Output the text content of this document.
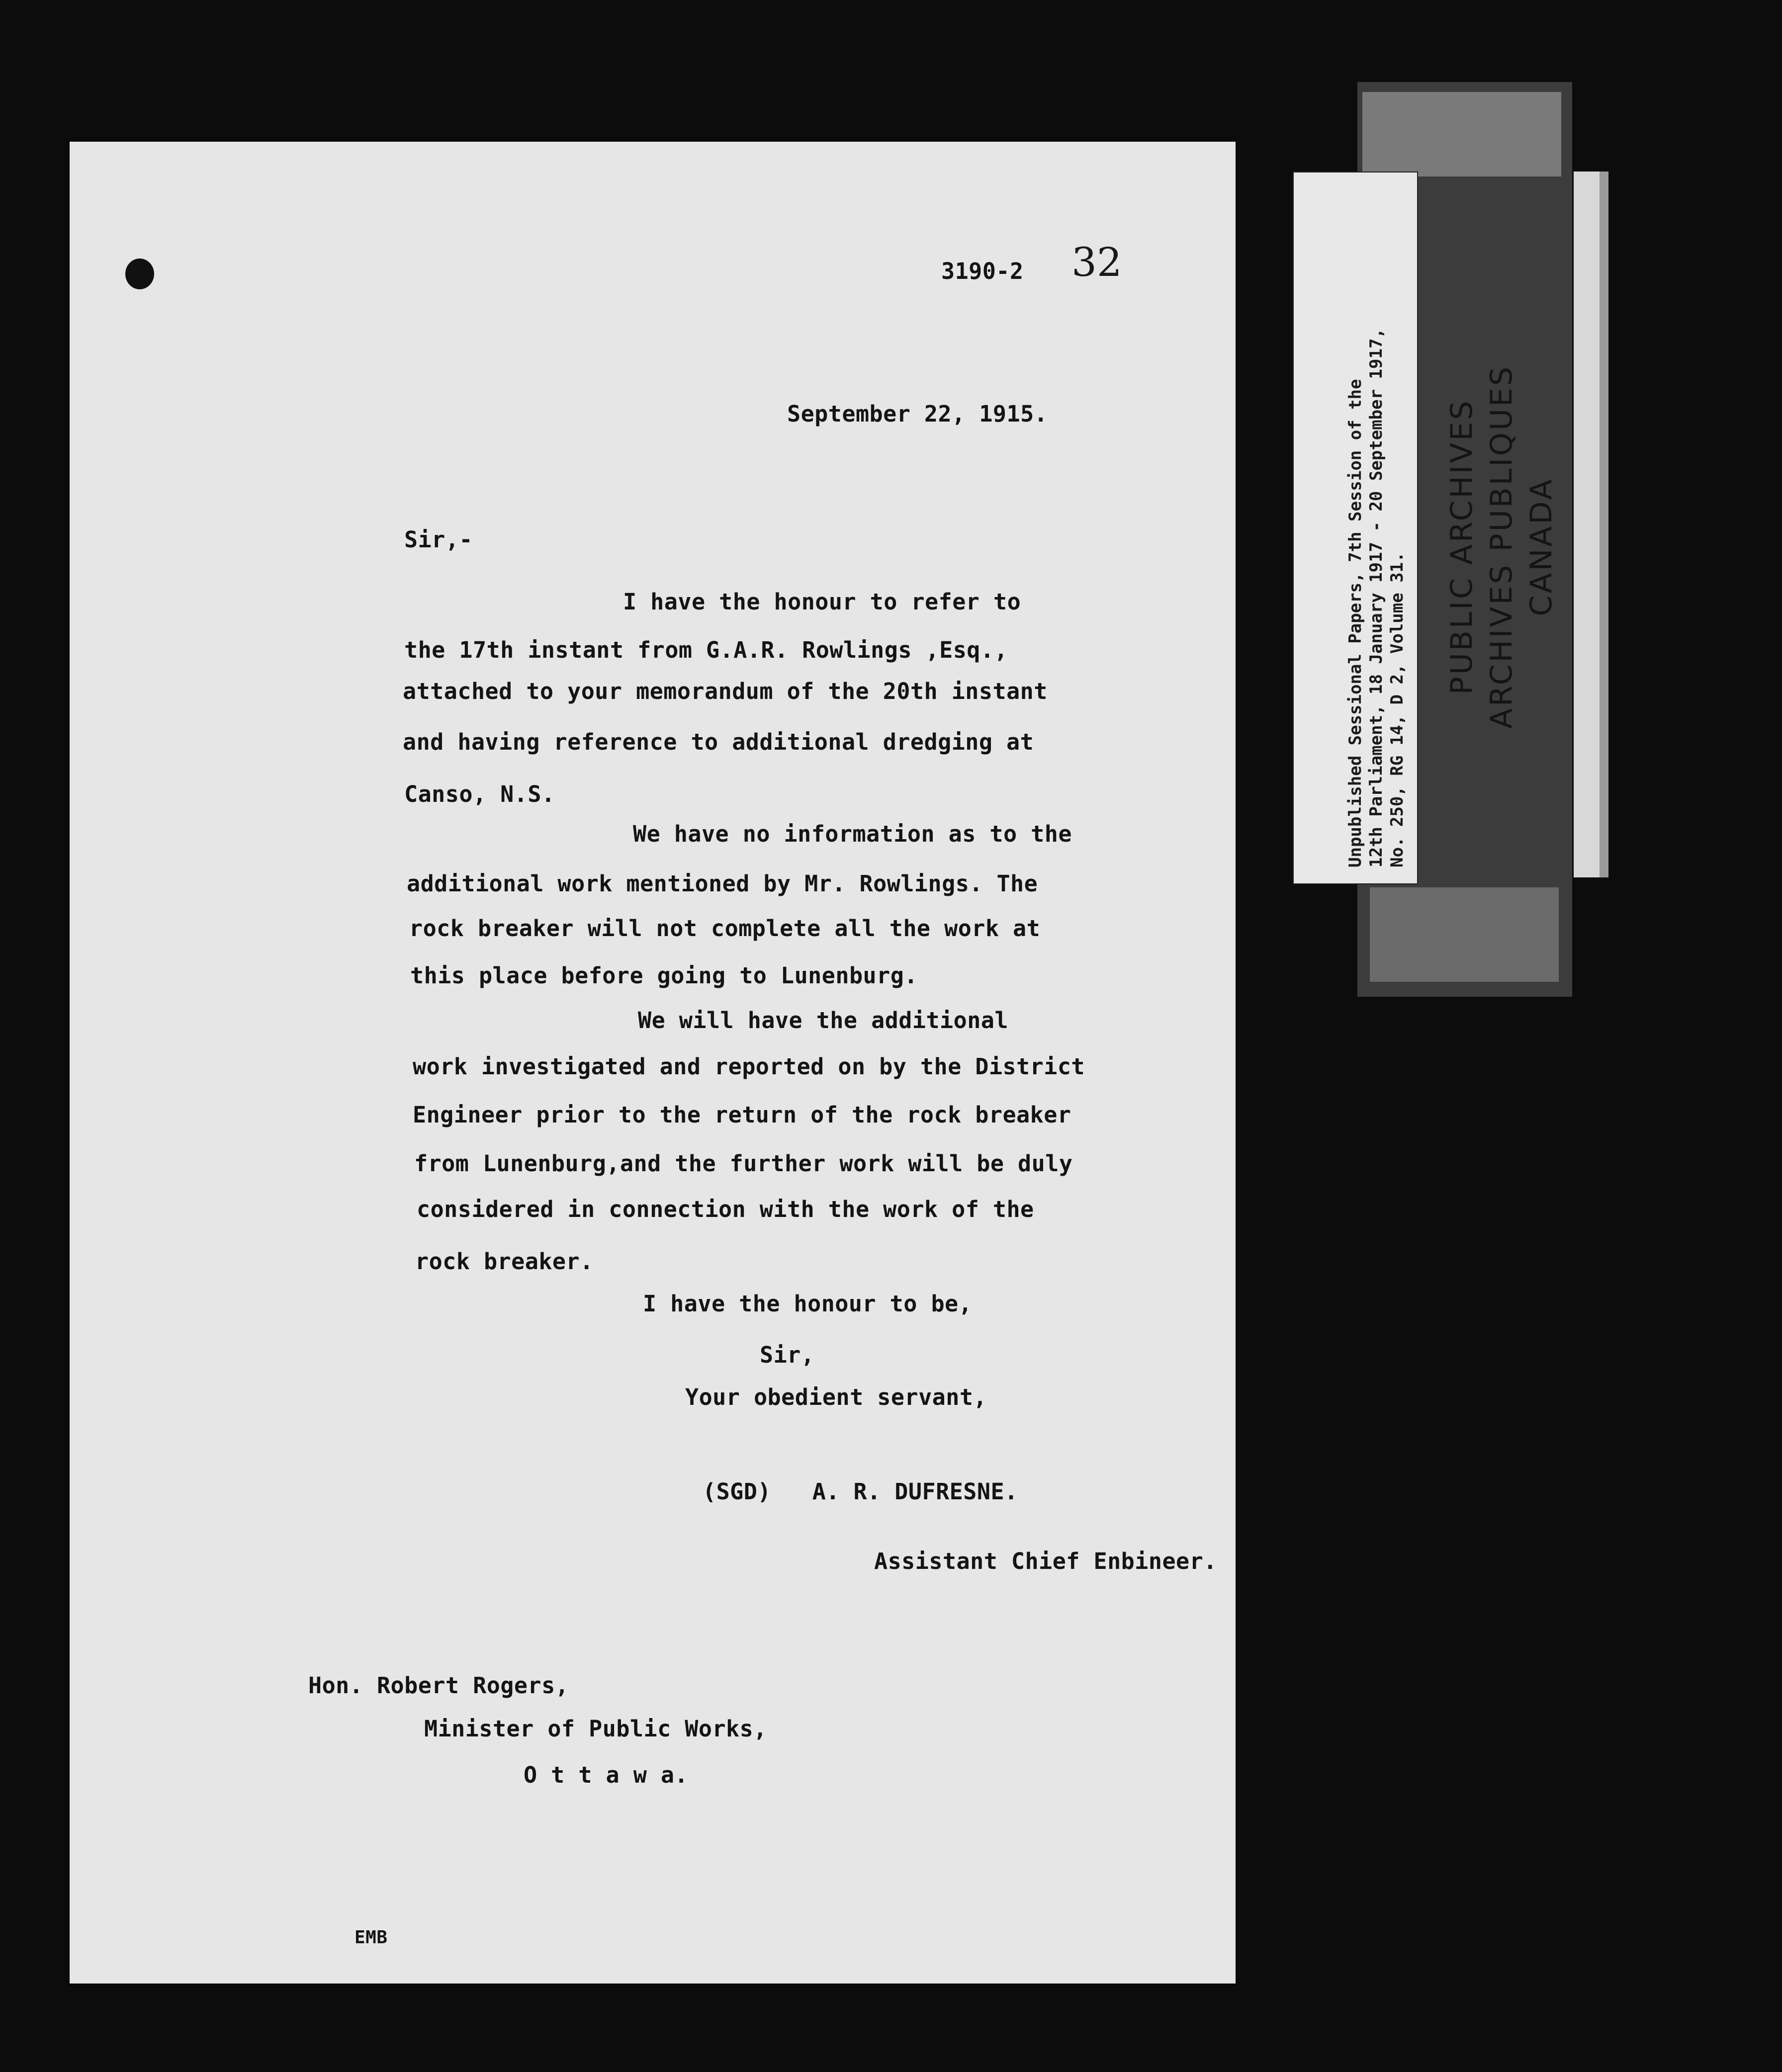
3190-2 32
September 22, 1915.
Sir,-
I have the honour to refer to
the 17th instant from G.A.R. Rowlings ,Esq.,
attached to your memorandum of the 20th instant
and having reference to additional dredging at
Canso, N.S.
We have no information as to the
additional work mentioned by Mr. Rowlings. The
rock breaker will not complete all the work at
this place before going to Lunenburg.
We will have the additional
work investigated and reported on by the District
Engineer prior to the return of the rock breaker
from Lunenburg,and the further work will be duly
considered in connection with the work of the
rock breaker.
I have the honour to be,
Sir,
Your obedient servant,
(SGD)   A. R. DUFRESNE.
Assistant Chief Enbineer.
Hon. Robert Rogers,
Minister of Public Works,
O t t a w a.
EMB
Unpublished Sessional Papers, 7th Session of the 12th Parliament, 18 January 1917 - 20 September 1917, No. 250, RG 14, D 2, Volume 31.
PUBLIC ARCHIVES ARCHIVES PUBLIQUES CANADA
